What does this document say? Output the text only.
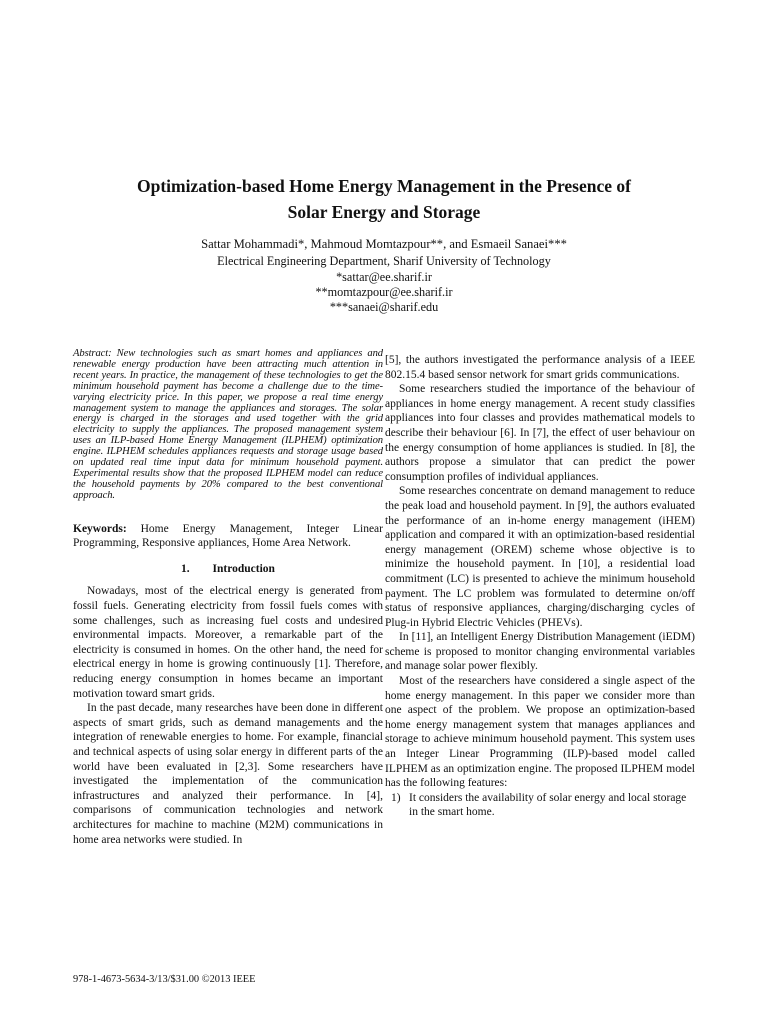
Optimization-based Home Energy Management in the Presence of
Solar Energy and Storage
Sattar Mohammadi*, Mahmoud Momtazpour**, and Esmaeil Sanaei***
Electrical Engineering Department, Sharif University of Technology
*sattar@ee.sharif.ir
**momtazpour@ee.sharif.ir
***sanaei@sharif.edu
Abstract: New technologies such as smart homes and appliances and renewable energy production have been attracting much attention in recent years. In practice, the management of these technologies to get the minimum household payment has become a challenge due to the time-varying electricity price. In this paper, we propose a real time energy management system to manage the appliances and storages. The solar energy is charged in the storages and used together with the grid electricity to supply the appliances. The proposed management system uses an ILP-based Home Energy Management (ILPHEM) optimization engine. ILPHEM schedules appliances requests and storage usage based on updated real time input data for minimum household payment. Experimental results show that the proposed ILPHEM model can reduce the household payments by 20% compared to the best conventional approach.
Keywords: Home Energy Management, Integer Linear Programming, Responsive appliances, Home Area Network.
1. Introduction

Nowadays, most of the electrical energy is generated from fossil fuels. Generating electricity from fossil fuels comes with some challenges, such as increasing fuel costs and undesired environmental impacts. Moreover, a remarkable part of the electricity is consumed in homes. On the other hand, the need for electrical energy in home is growing continuously [1]. Therefore, reducing energy consumption in homes became an important motivation toward smart grids.

In the past decade, many researches have been done in different aspects of smart grids, such as demand managements and the integration of renewable energies to home. For example, financial and technical aspects of using solar energy in different parts of the world have been evaluated in [2,3]. Some researchers have investigated the implementation of the communication infrastructures and analyzed their performance. In [4], comparisons of communication technologies and network architectures for machine to machine (M2M) communications in home area networks were studied. In

[5], the authors investigated the performance analysis of a IEEE 802.15.4 based sensor network for smart grids communications.

Some researchers studied the importance of the behaviour of appliances in home energy management. A recent study classifies appliances into four classes and provides mathematical models to describe their behaviour [6]. In [7], the effect of user behaviour on the energy consumption of home appliances is studied. In [8], the authors propose a simulator that can predict the power consumption profiles of individual appliances.

Some researches concentrate on demand management to reduce the peak load and household payment. In [9], the authors evaluated the performance of an in-home energy management (iHEM) application and compared it with an optimization-based residential energy management (OREM) scheme whose objective is to minimize the household payment. In [10], a residential load commitment (LC) is presented to achieve the minimum household payment. The LC problem was formulated to determine on/off status of responsive appliances, charging/discharging cycles of Plug-in Hybrid Electric Vehicles (PHEVs).

In [11], an Intelligent Energy Distribution Management (iEDM) scheme is proposed to monitor changing environmental variables and manage solar power flexibly.

Most of the researchers have considered a single aspect of the home energy management. In this paper we consider more than one aspect of the problem. We propose an optimization-based home energy management system that manages appliances and storage to achieve minimum household payment. This system uses an Integer Linear Programming (ILP)-based model called ILPHEM as an optimization engine. The proposed ILPHEM model has the following features:

1) It considers the availability of solar energy and local storage in the smart home.
978-1-4673-5634-3/13/$31.00 ©2013 IEEE
